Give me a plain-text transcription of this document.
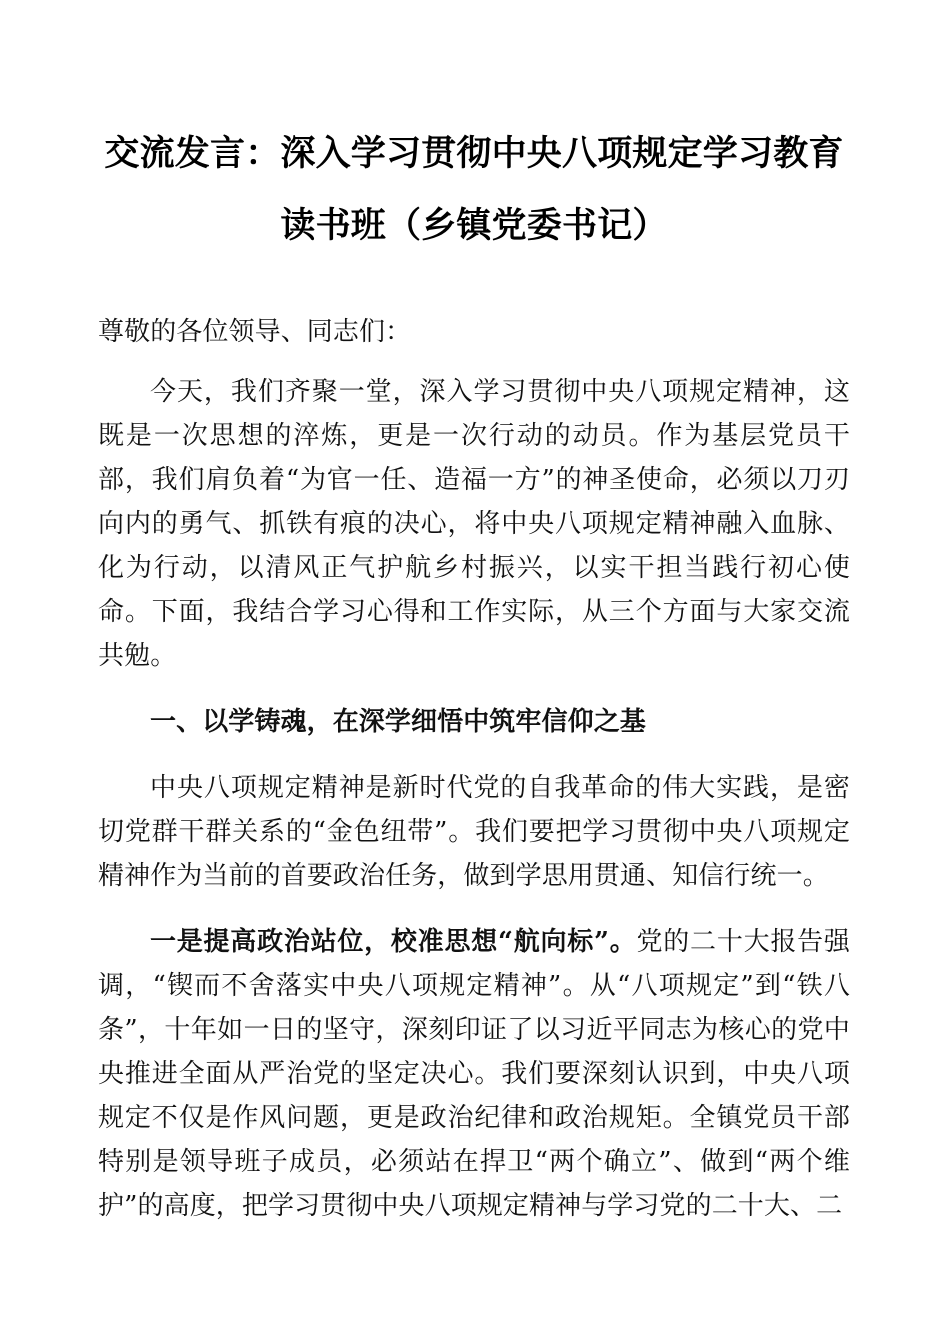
交流发言：深入学习贯彻中央八项规定学习教育
读书班（乡镇党委书记）

尊敬的各位领导、同志们：

今天，我们齐聚一堂，深入学习贯彻中央八项规定精神，这既是一次思想的淬炼，更是一次行动的动员。作为基层党员干部，我们肩负着“为官一任、造福一方”的神圣使命，必须以刀刃向内的勇气、抓铁有痕的决心，将中央八项规定精神融入血脉、化为行动，以清风正气护航乡村振兴，以实干担当践行初心使命。下面，我结合学习心得和工作实际，从三个方面与大家交流共勉。

一、以学铸魂，在深学细悟中筑牢信仰之基

中央八项规定精神是新时代党的自我革命的伟大实践，是密切党群干群关系的“金色纽带”。我们要把学习贯彻中央八项规定精神作为当前的首要政治任务，做到学思用贯通、知信行统一。

一是提高政治站位，校准思想“航向标”。党的二十大报告强调，“锲而不舍落实中央八项规定精神”。从“八项规定”到“铁八条”，十年如一日的坚守，深刻印证了以习近平同志为核心的党中央推进全面从严治党的坚定决心。我们要深刻认识到，中央八项规定不仅是作风问题，更是政治纪律和政治规矩。全镇党员干部特别是领导班子成员，必须站在捍卫“两个确立”、做到“两个维护”的高度，把学习贯彻中央八项规定精神与学习党的二十大、二
